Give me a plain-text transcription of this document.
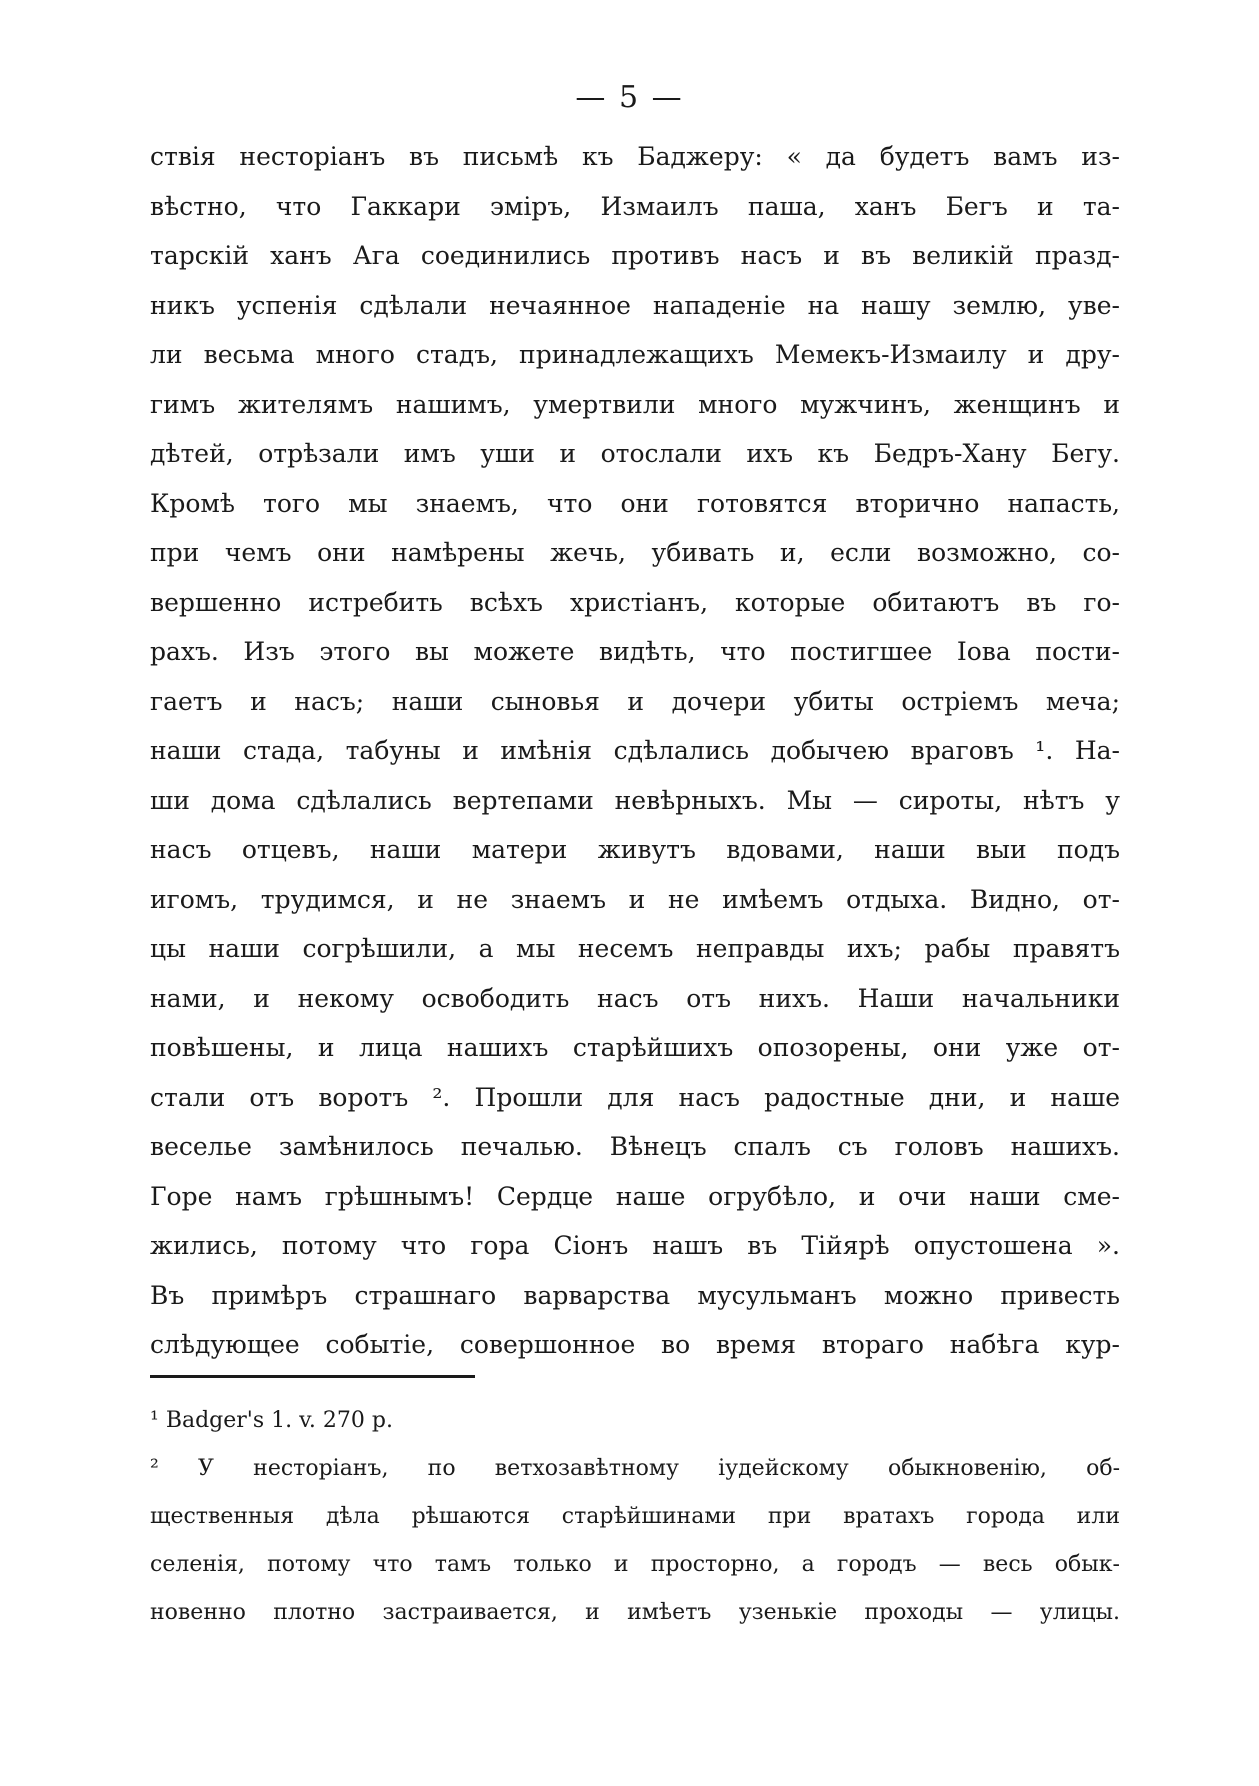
— 5 —
ствія несторіанъ въ письмѣ къ Баджеру: « да будетъ вамъ из-
вѣстно, что Гаккари эміръ, Измаилъ паша, ханъ Бегъ и та-
тарскій ханъ Ага соединились противъ насъ и въ великій празд-
никъ успенія сдѣлали нечаянное нападеніе на нашу землю, уве-
ли весьма много стадъ, принадлежащихъ Мемекъ-Измаилу и дру-
гимъ жителямъ нашимъ, умертвили много мужчинъ, женщинъ и
дѣтей, отрѣзали имъ уши и отослали ихъ къ Бедръ-Хану Бегу.
Кромѣ того мы знаемъ, что они готовятся вторично напасть,
при чемъ они намѣрены жечь, убивать и, если возможно, со-
вершенно истребить всѣхъ христіанъ, которые обитаютъ въ го-
рахъ. Изъ этого вы можете видѣть, что постигшее Іова пости-
гаетъ и насъ; наши сыновья и дочери убиты остріемъ меча;
наши стада, табуны и имѣнія сдѣлались добычею враговъ ¹. На-
ши дома сдѣлались вертепами невѣрныхъ. Мы — сироты, нѣтъ у
насъ отцевъ, наши матери живутъ вдовами, наши выи подъ
игомъ, трудимся, и не знаемъ и не имѣемъ отдыха. Видно, от-
цы наши согрѣшили, а мы несемъ неправды ихъ; рабы правятъ
нами, и некому освободить насъ отъ нихъ. Наши начальники
повѣшены, и лица нашихъ старѣйшихъ опозорены, они уже от-
стали отъ воротъ ². Прошли для насъ радостные дни, и наше
веселье замѣнилось печалью. Вѣнецъ спалъ съ головъ нашихъ.
Горе намъ грѣшнымъ! Сердце наше огрубѣло, и очи наши сме-
жились, потому что гора Сіонъ нашъ въ Тійярѣ опустошена ».
Въ примѣръ страшнаго варварства мусульманъ можно привесть
слѣдующее событіе, совершонное во время втораго набѣга кур-
¹ Badger's 1. v. 270 p.
² У несторіанъ, по ветхозавѣтному іудейскому обыкновенію, об-
щественныя дѣла рѣшаются старѣйшинами при вратахъ города или
селенія, потому что тамъ только и просторно, а городъ — весь обык-
новенно плотно застраивается, и имѣетъ узенькіе проходы — улицы.
